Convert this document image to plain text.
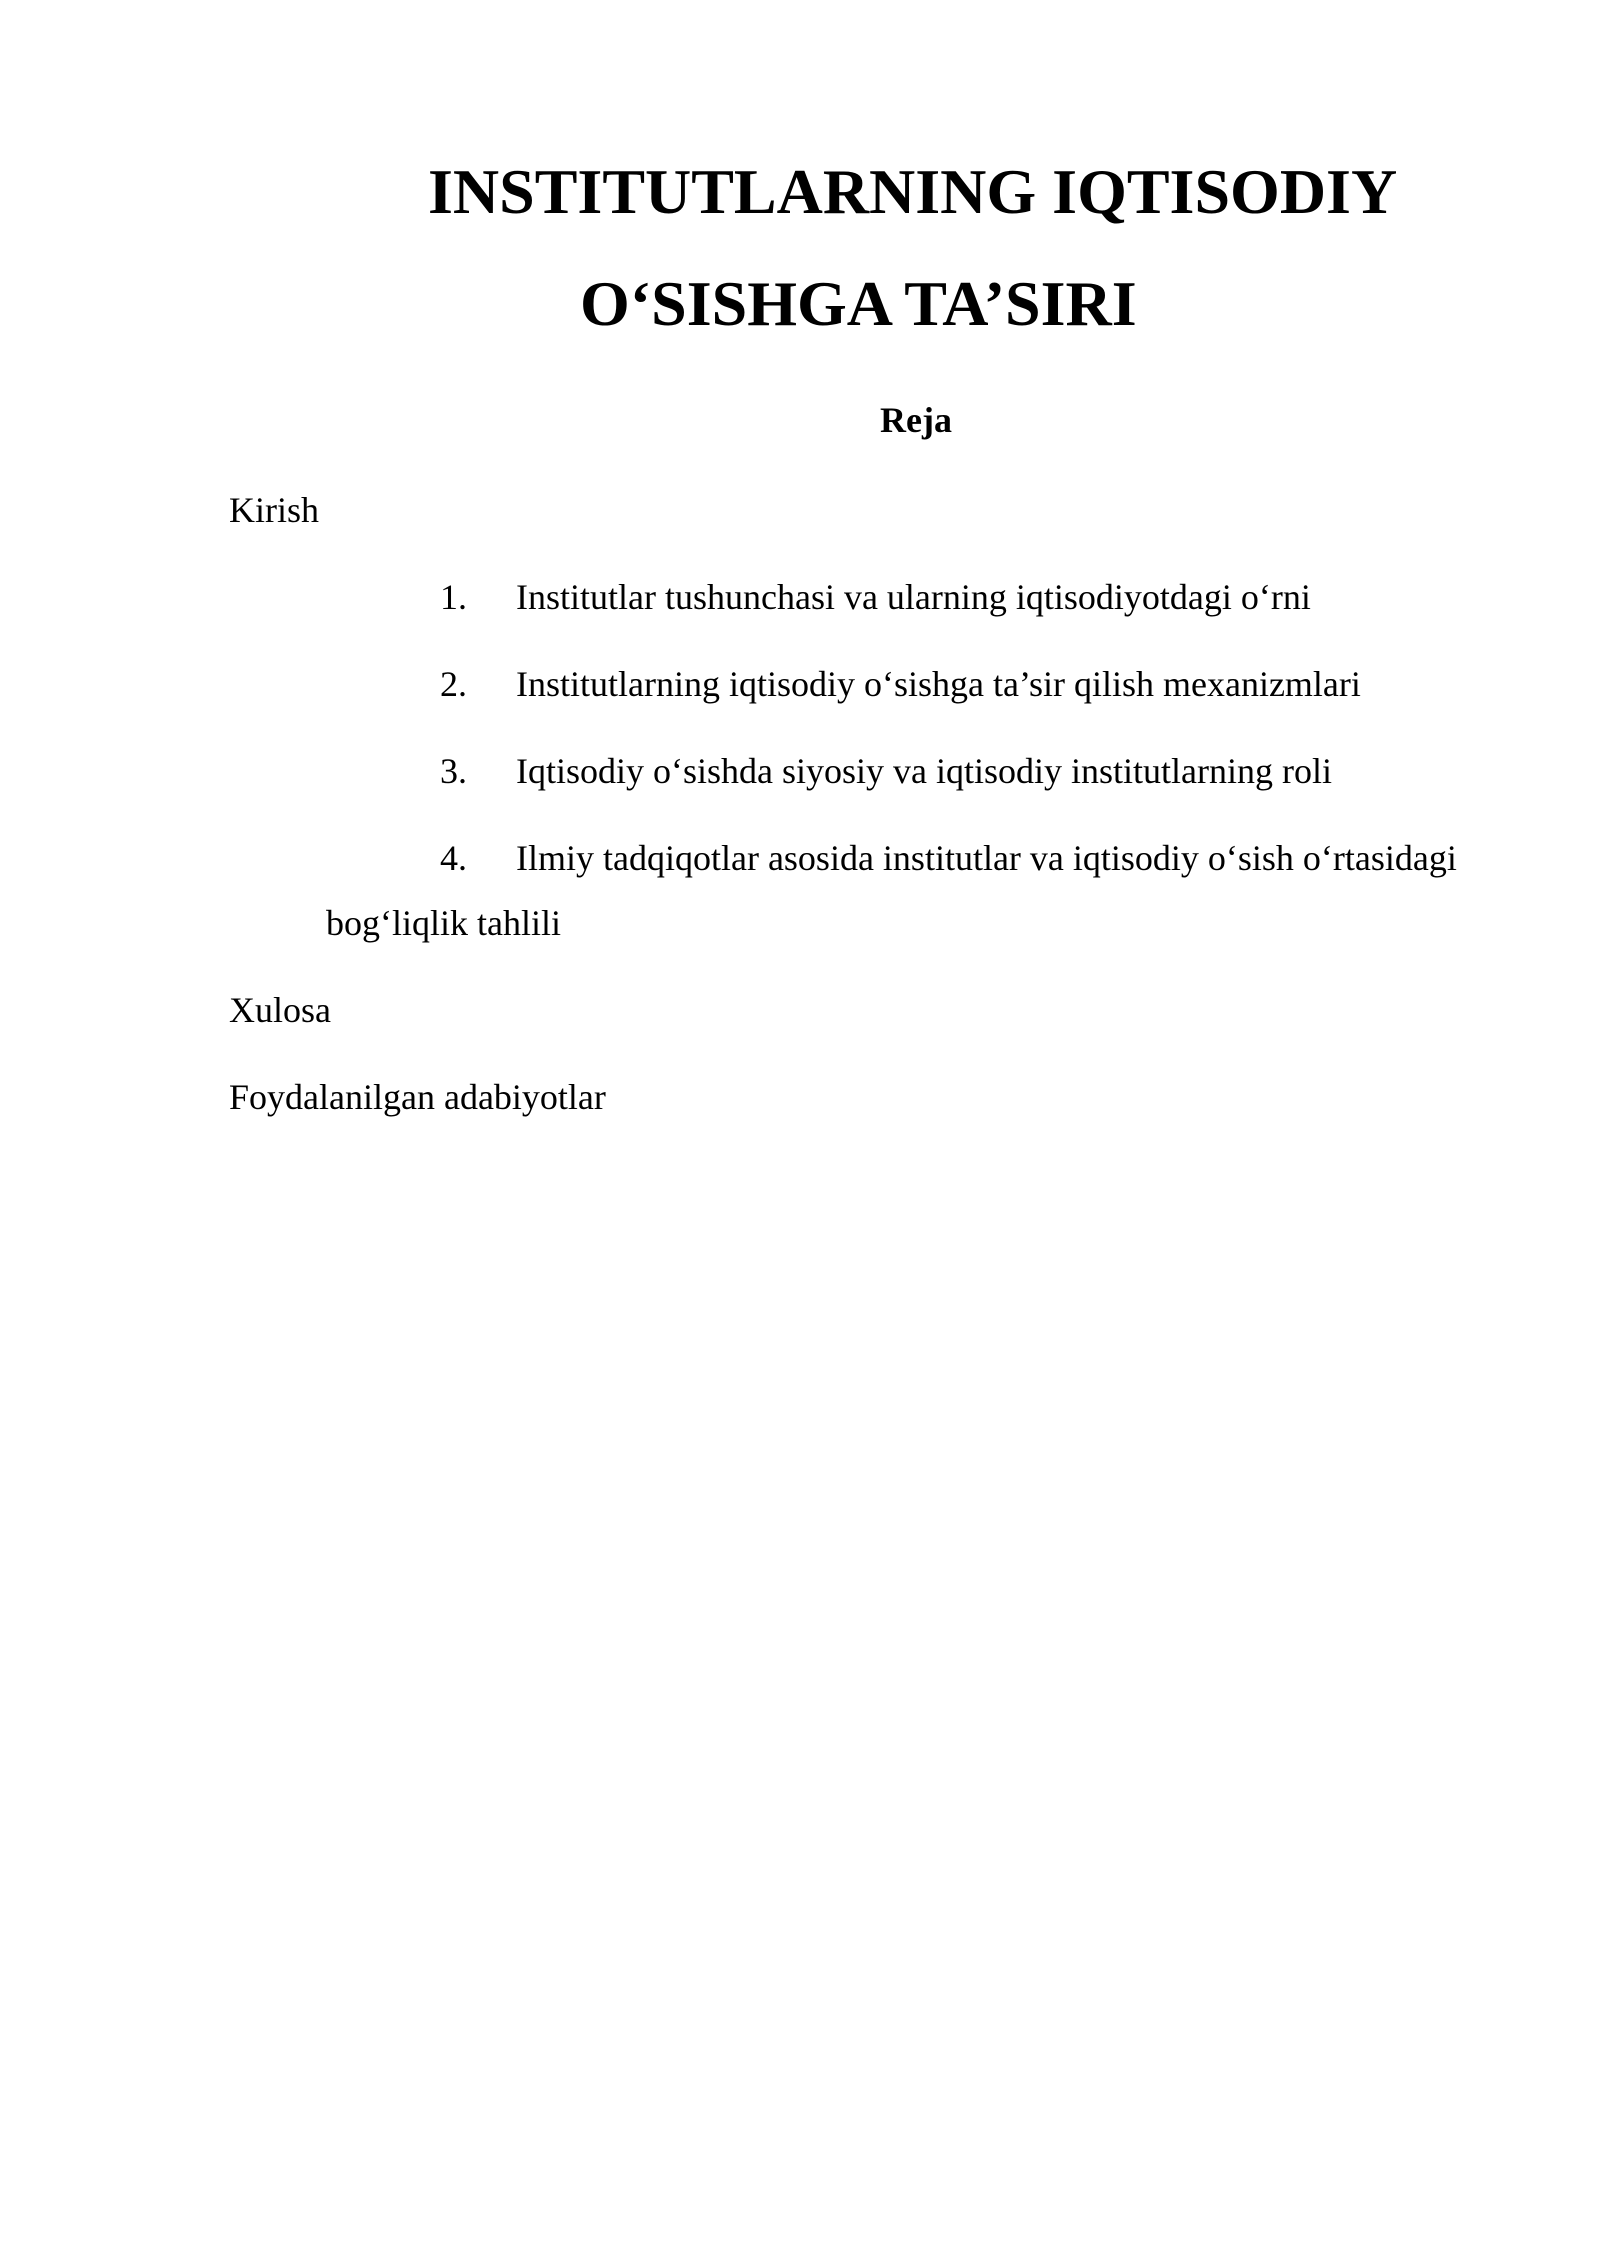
INSTITUTLARNING IQTISODIY
O‘SISHGA TA’SIRI
Reja
Kirish
1. Institutlar tushunchasi va ularning iqtisodiyotdagi o‘rni
2. Institutlarning iqtisodiy o‘sishga ta’sir qilish mexanizmlari
3. Iqtisodiy o‘sishda siyosiy va iqtisodiy institutlarning roli
4. Ilmiy tadqiqotlar asosida institutlar va iqtisodiy o‘sish o‘rtasidagi
bog‘liqlik tahlili
Xulosa
Foydalanilgan adabiyotlar
